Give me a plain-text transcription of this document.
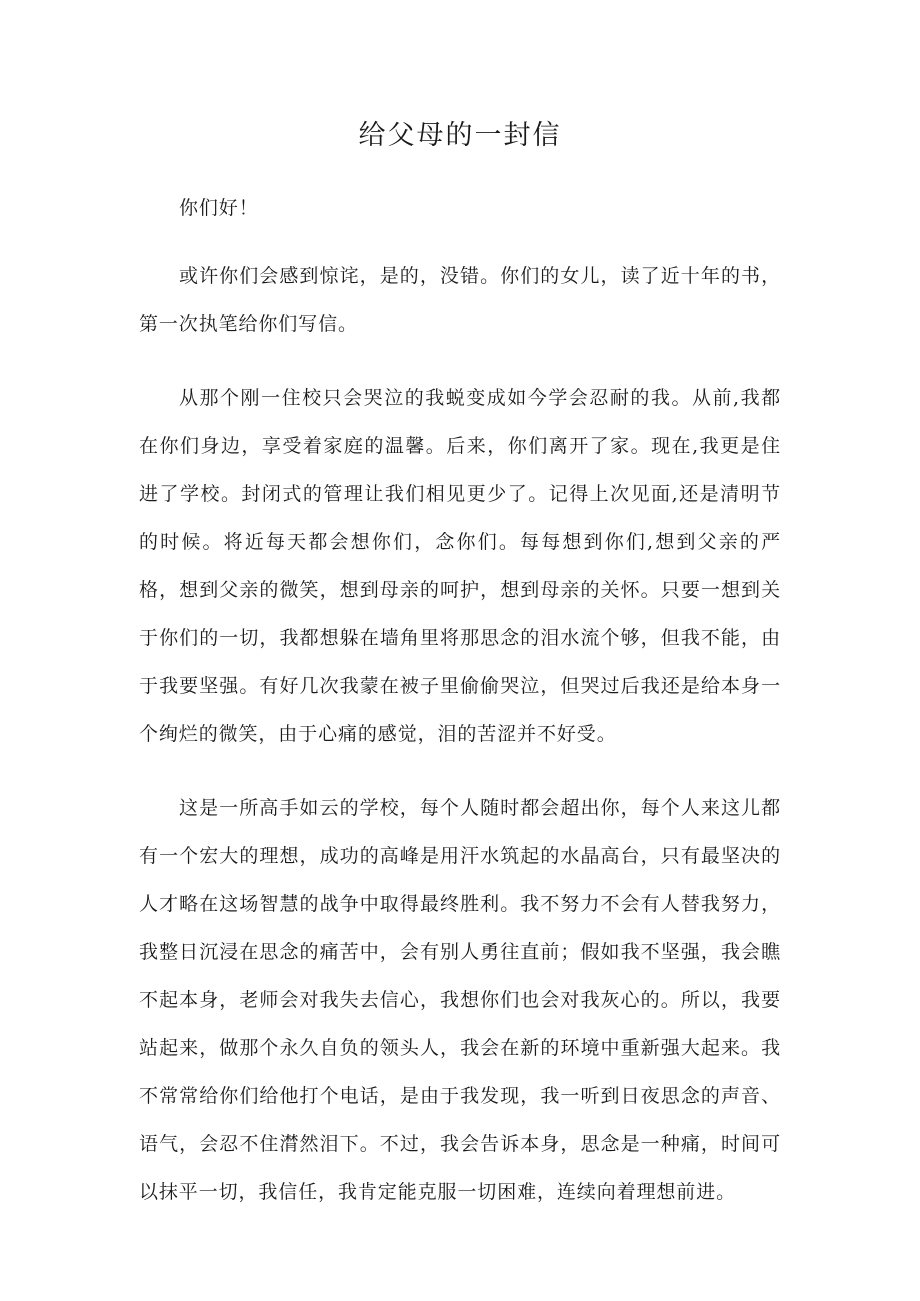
给父母的一封信

你们好！

或许你们会感到惊诧，是的，没错。你们的女儿，读了近十年的书，第一次执笔给你们写信。

从那个刚一住校只会哭泣的我蜕变成如今学会忍耐的我。从前,我都在你们身边，享受着家庭的温馨。后来，你们离开了家。现在,我更是住进了学校。封闭式的管理让我们相见更少了。记得上次见面,还是清明节的时候。将近每天都会想你们，念你们。每每想到你们,想到父亲的严格，想到父亲的微笑，想到母亲的呵护，想到母亲的关怀。只要一想到关于你们的一切，我都想躲在墙角里将那思念的泪水流个够，但我不能，由于我要坚强。有好几次我蒙在被子里偷偷哭泣，但哭过后我还是给本身一个绚烂的微笑，由于心痛的感觉，泪的苦涩并不好受。

这是一所高手如云的学校，每个人随时都会超出你，每个人来这儿都有一个宏大的理想，成功的高峰是用汗水筑起的水晶高台，只有最坚决的人才略在这场智慧的战争中取得最终胜利。我不努力不会有人替我努力，我整日沉浸在思念的痛苦中，会有别人勇往直前；假如我不坚强，我会瞧不起本身，老师会对我失去信心，我想你们也会对我灰心的。所以，我要站起来，做那个永久自负的领头人，我会在新的环境中重新强大起来。我不常常给你们给他打个电话，是由于我发现，我一听到日夜思念的声音、语气，会忍不住潸然泪下。不过，我会告诉本身，思念是一种痛，时间可以抹平一切，我信任，我肯定能克服一切困难，连续向着理想前进。
